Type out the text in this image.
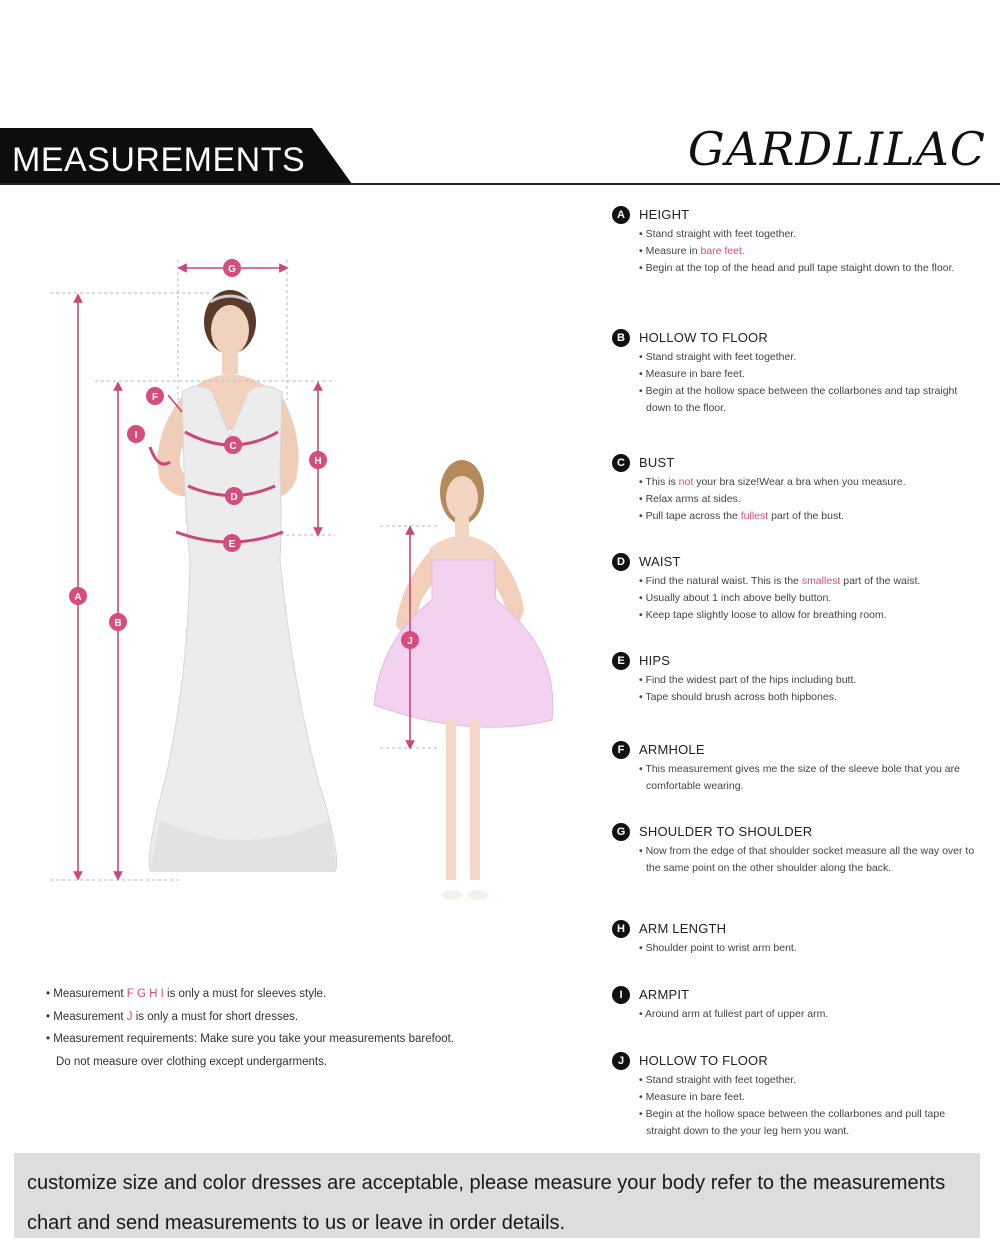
MEASUREMENTS	GARDLILAC
A
B
C
D
E
F
G
H
I
J
A	HEIGHT
• Stand straight with feet together.
• Measure in bare feet.
• Begin at the top of the head and pull tape staight down to the floor.
B	HOLLOW TO FLOOR
• Stand straight with feet together.
• Measure in bare feet.
• Begin at the hollow space between the collarbones and tap straight down to the floor.
C	BUST
• This is not your bra size!Wear a bra when you measure.
• Relax arms at sides.
• Pull tape across the fullest part of the bust.
D	WAIST
• Find the natural waist. This is the smallest part of the waist.
• Usually about 1 inch above belly button.
• Keep tape slightly loose to allow for breathing room.
E	HIPS
• Find the widest part of the hips including butt.
• Tape should brush across both hipbones.
F	ARMHOLE
• This measurement gives me the size of the sleeve bole that you are comfortable wearing.
G	SHOULDER TO SHOULDER
• Now from the edge of that shoulder socket measure all the way over to the same point on the other shoulder along the back.
H	ARM LENGTH
• Shoulder point to wrist arm bent.
I	ARMPIT
• Around arm at fullest part of upper arm.
J	HOLLOW TO FLOOR
• Stand straight with feet together.
• Measure in bare feet.
• Begin at the hollow space between the collarbones and pull tape straight down to the your leg hem you want.
• Measurement F G H I is only a must for sleeves style.
• Measurement J is only a must for short dresses.
• Measurement requirements: Make sure you take your measurements barefoot.
Do not measure over clothing except undergarments.
customize size and color dresses are acceptable, please measure your body refer to the measurements chart and send measurements to us or leave in order details.
